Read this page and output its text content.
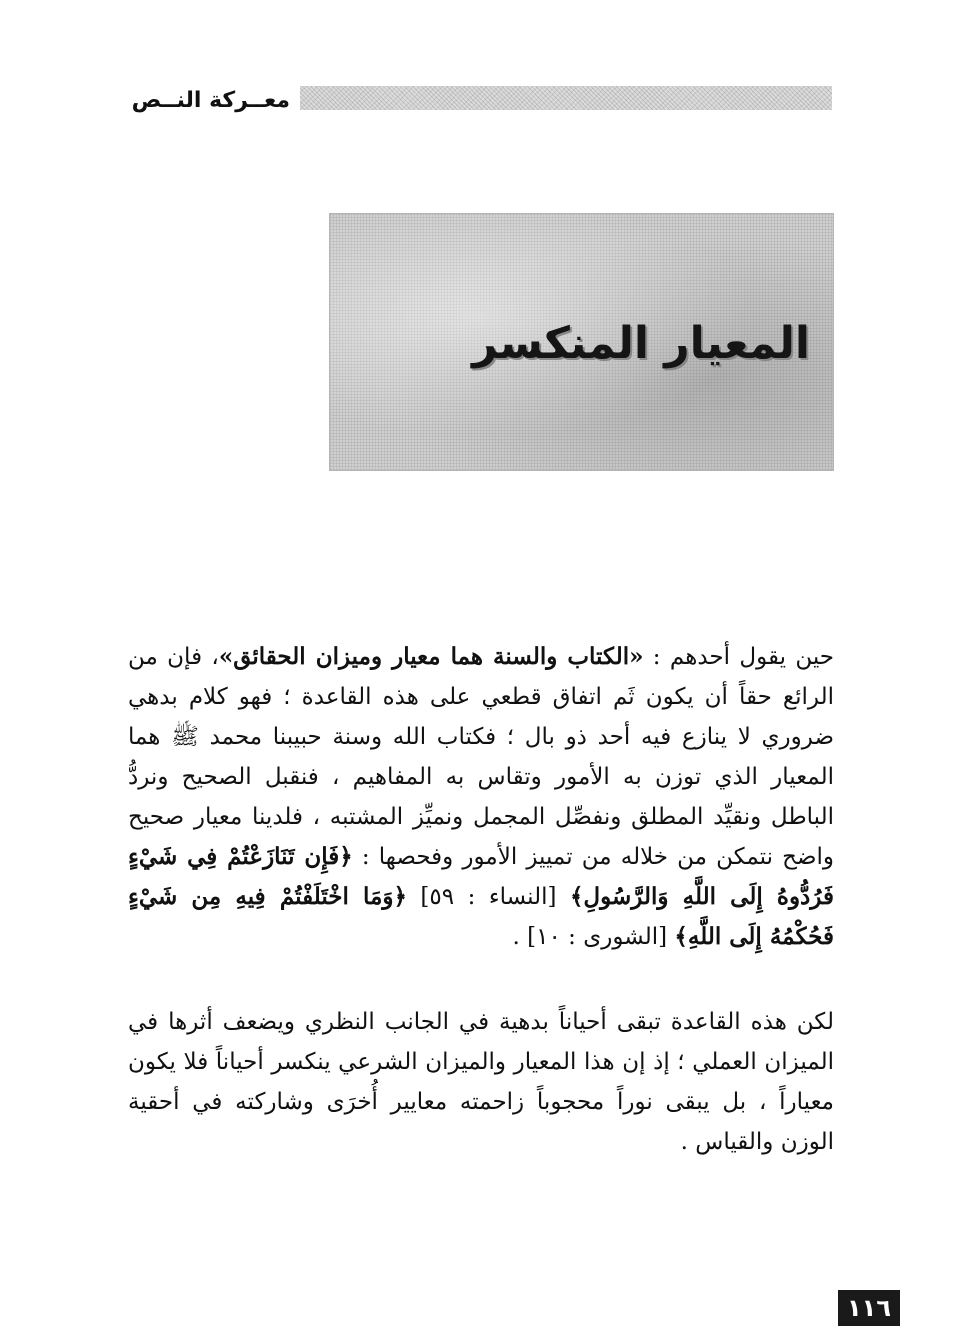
معــركة النــص
المعيار المنكسر
حين يقول أحدهم : «الكتاب والسنة هما معيار وميزان الحقائق»، فإن من الرائع حقاً أن يكون ثَم اتفاق قطعي على هذه القاعدة ؛ فهو كلام بدهي ضروري لا ينازع فيه أحد ذو بال ؛ فكتاب الله وسنة حبيبنا محمد ﷺ هما المعيار الذي توزن به الأمور وتقاس به المفاهيم ، فنقبل الصحيح ونردُّ الباطل ونقيِّد المطلق ونفصِّل المجمل ونميِّز المشتبه ، فلدينا معيار صحيح واضح نتمكن من خلاله من تمييز الأمور وفحصها : ﴿فَإِن تَنَازَعْتُمْ فِي شَيْءٍ فَرُدُّوهُ إِلَى اللَّهِ وَالرَّسُولِ﴾ [النساء : ٥٩] ﴿وَمَا اخْتَلَفْتُمْ فِيهِ مِن شَيْءٍ فَحُكْمُهُ إِلَى اللَّهِ﴾ [الشورى : ١٠] .
لكن هذه القاعدة تبقى أحياناً بدهية في الجانب النظري ويضعف أثرها في الميزان العملي ؛ إذ إن هذا المعيار والميزان الشرعي ينكسر أحياناً فلا يكون معياراً ، بل يبقى نوراً محجوباً زاحمته معايير أُخرَى وشاركته في أحقية الوزن والقياس .
١١٦
